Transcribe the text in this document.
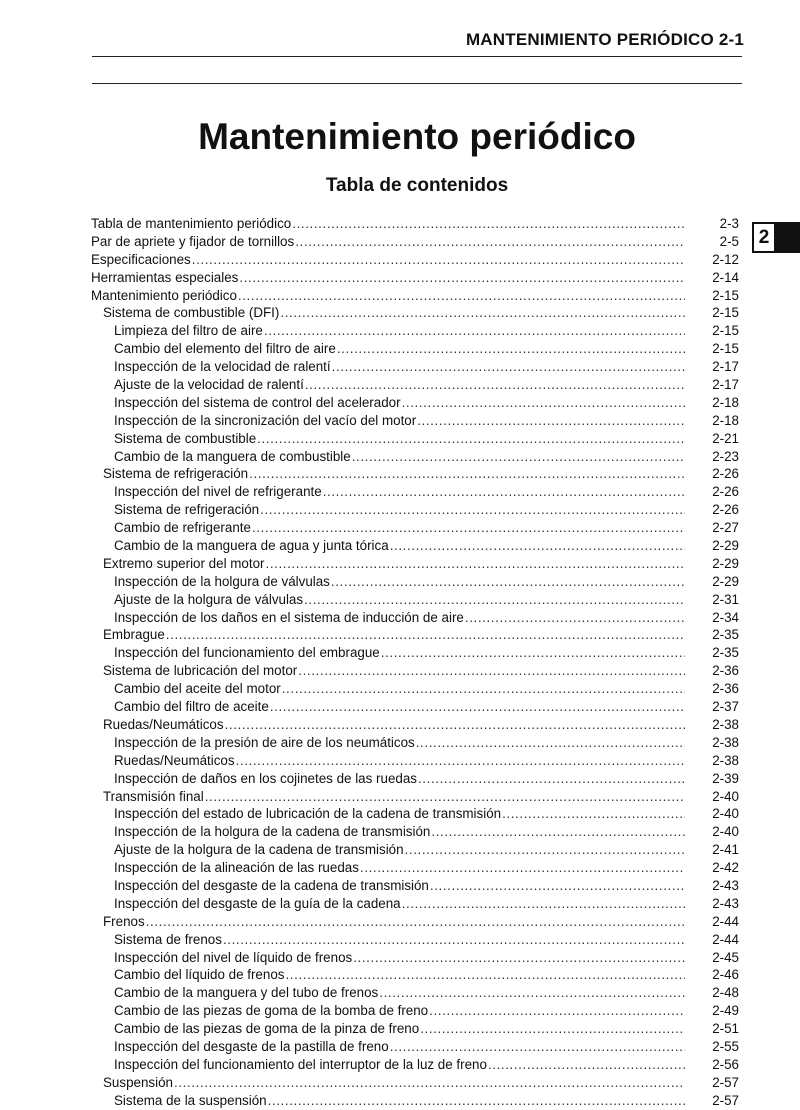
MANTENIMIENTO PERIÓDICO 2-1
Mantenimiento periódico
Tabla de contenidos
2
Tabla de mantenimiento periódico .....	2-3
Par de apriete y fijador de tornillos .....	2-5
Especificaciones .....	2-12
Herramientas especiales .....	2-14
Mantenimiento periódico .....	2-15
Sistema de combustible (DFI) .....	2-15
Limpieza del filtro de aire .....	2-15
Cambio del elemento del filtro de aire .....	2-15
Inspección de la velocidad de ralentí .....	2-17
Ajuste de la velocidad de ralentí .....	2-17
Inspección del sistema de control del acelerador .....	2-18
Inspección de la sincronización del vacío del motor .....	2-18
Sistema de combustible .....	2-21
Cambio de la manguera de combustible .....	2-23
Sistema de refrigeración .....	2-26
Inspección del nivel de refrigerante .....	2-26
Sistema de refrigeración .....	2-26
Cambio de refrigerante .....	2-27
Cambio de la manguera de agua y junta tórica .....	2-29
Extremo superior del motor .....	2-29
Inspección de la holgura de válvulas .....	2-29
Ajuste de la holgura de válvulas .....	2-31
Inspección de los daños en el sistema de inducción de aire .....	2-34
Embrague .....	2-35
Inspección del funcionamiento del embrague .....	2-35
Sistema de lubricación del motor .....	2-36
Cambio del aceite del motor .....	2-36
Cambio del filtro de aceite .....	2-37
Ruedas/Neumáticos .....	2-38
Inspección de la presión de aire de los neumáticos .....	2-38
Ruedas/Neumáticos .....	2-38
Inspección de daños en los cojinetes de las ruedas .....	2-39
Transmisión final .....	2-40
Inspección del estado de lubricación de la cadena de transmisión .....	2-40
Inspección de la holgura de la cadena de transmisión .....	2-40
Ajuste de la holgura de la cadena de transmisión .....	2-41
Inspección de la alineación de las ruedas .....	2-42
Inspección del desgaste de la cadena de transmisión .....	2-43
Inspección del desgaste de la guía de la cadena .....	2-43
Frenos .....	2-44
Sistema de frenos .....	2-44
Inspección del nivel de líquido de frenos .....	2-45
Cambio del líquido de frenos .....	2-46
Cambio de la manguera y del tubo de frenos .....	2-48
Cambio de las piezas de goma de la bomba de freno .....	2-49
Cambio de las piezas de goma de la pinza de freno .....	2-51
Inspección del desgaste de la pastilla de freno .....	2-55
Inspección del funcionamiento del interruptor de la luz de freno .....	2-56
Suspensión .....	2-57
Sistema de la suspensión .....	2-57
